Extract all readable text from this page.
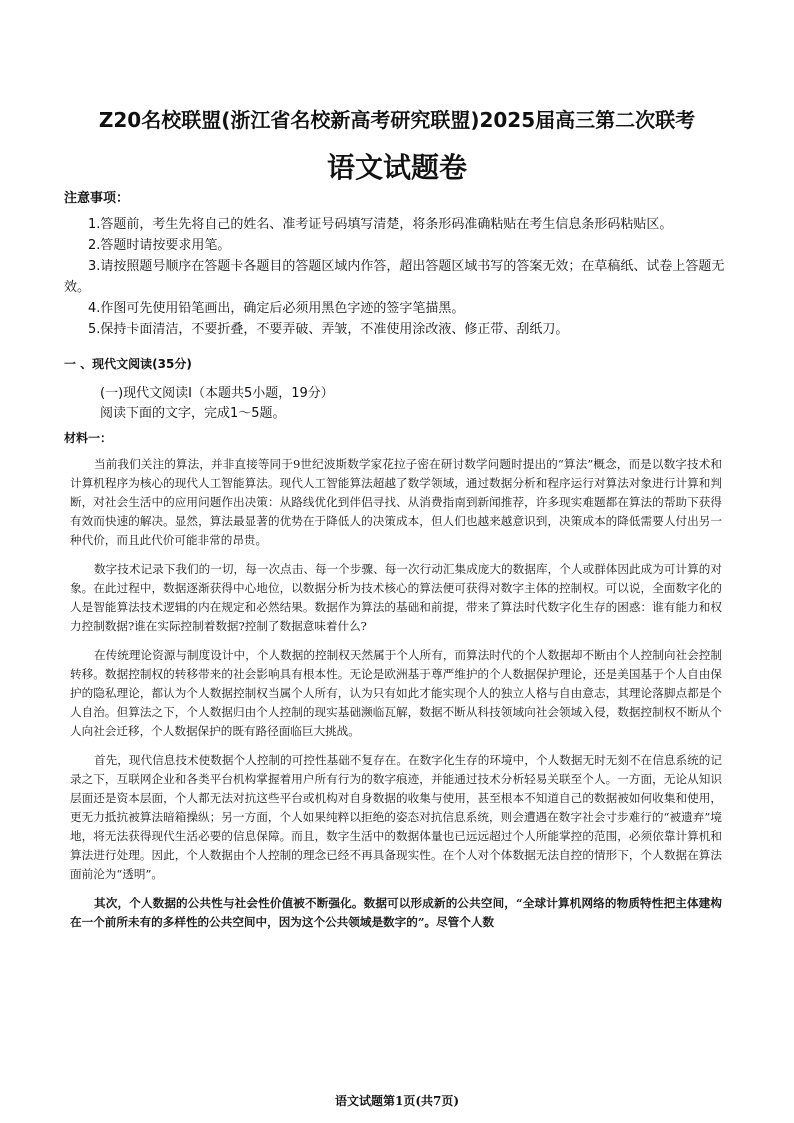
Z20名校联盟(浙江省名校新高考研究联盟)2025届高三第二次联考
语文试题卷
注意事项：

1.答题前，考生先将自己的姓名、准考证号码填写清楚，将条形码准确粘贴在考生信息条形码粘贴区。

2.答题时请按要求用笔。

3.请按照题号顺序在答题卡各题目的答题区域内作答，超出答题区域书写的答案无效；在草稿纸、试卷上答题无效。

4.作图可先使用铅笔画出，确定后必须用黑色字迹的签字笔描黑。

5.保持卡面清洁，不要折叠，不要弄破、弄皱，不准使用涂改液、修正带、刮纸刀。

一 、现代文阅读(35分)
(一)现代文阅读Ⅰ（本题共5小题，19分）
阅读下面的文字，完成1～5题。
材料一：

当前我们关注的算法，并非直接等同于9世纪波斯数学家花拉子密在研讨数学问题时提出的“算法”概念，而是以数字技术和计算机程序为核心的现代人工智能算法。现代人工智能算法超越了数学领域，通过数据分析和程序运行对算法对象进行计算和判断，对社会生活中的应用问题作出决策：从路线优化到伴侣寻找、从消费指南到新闻推荐，许多现实难题都在算法的帮助下获得有效而快速的解决。显然，算法最显著的优势在于降低人的决策成本，但人们也越来越意识到，决策成本的降低需要人付出另一种代价，而且此代价可能非常的昂贵。

数字技术记录下我们的一切，每一次点击、每一个步骤、每一次行动汇集成庞大的数据库，个人或群体因此成为可计算的对象。在此过程中，数据逐渐获得中心地位，以数据分析为技术核心的算法便可获得对数字主体的控制权。可以说，全面数字化的人是智能算法技术逻辑的内在规定和必然结果。数据作为算法的基础和前提，带来了算法时代数字化生存的困惑：谁有能力和权力控制数据?谁在实际控制着数据?控制了数据意味着什么?

在传统理论资源与制度设计中，个人数据的控制权天然属于个人所有，而算法时代的个人数据却不断由个人控制向社会控制转移。数据控制权的转移带来的社会影响具有根本性。无论是欧洲基于尊严维护的个人数据保护理论，还是美国基于个人自由保护的隐私理论，都认为个人数据控制权当属个人所有，认为只有如此才能实现个人的独立人格与自由意志，其理论落脚点都是个人自治。但算法之下，个人数据归由个人控制的现实基础濒临瓦解，数据不断从科技领域向社会领域入侵，数据控制权不断从个人向社会迁移，个人数据保护的既有路径面临巨大挑战。

首先，现代信息技术使数据个人控制的可控性基础不复存在。在数字化生存的环境中，个人数据无时无刻不在信息系统的记录之下，互联网企业和各类平台机构掌握着用户所有行为的数字痕迹，并能通过技术分析轻易关联至个人。一方面，无论从知识层面还是资本层面，个人都无法对抗这些平台或机构对自身数据的收集与使用，甚至根本不知道自己的数据被如何收集和使用，更无力抵抗被算法暗箱操纵；另一方面，个人如果纯粹以拒绝的姿态对抗信息系统，则会遭遇在数字社会寸步难行的“被遗弃”境地，将无法获得现代生活必要的信息保障。而且，数字生活中的数据体量也已远远超过个人所能掌控的范围，必须依靠计算机和算法进行处理。因此，个人数据由个人控制的理念已经不再具备现实性。在个人对个体数据无法自控的情形下，个人数据在算法面前沦为“透明”。

其次，个人数据的公共性与社会性价值被不断强化。数据可以形成新的公共空间，“全球计算机网络的物质特性把主体建构在一个前所未有的多样性的公共空间中，因为这个公共领域是数字的”。尽管个人数

语文试题第1页(共7页)
